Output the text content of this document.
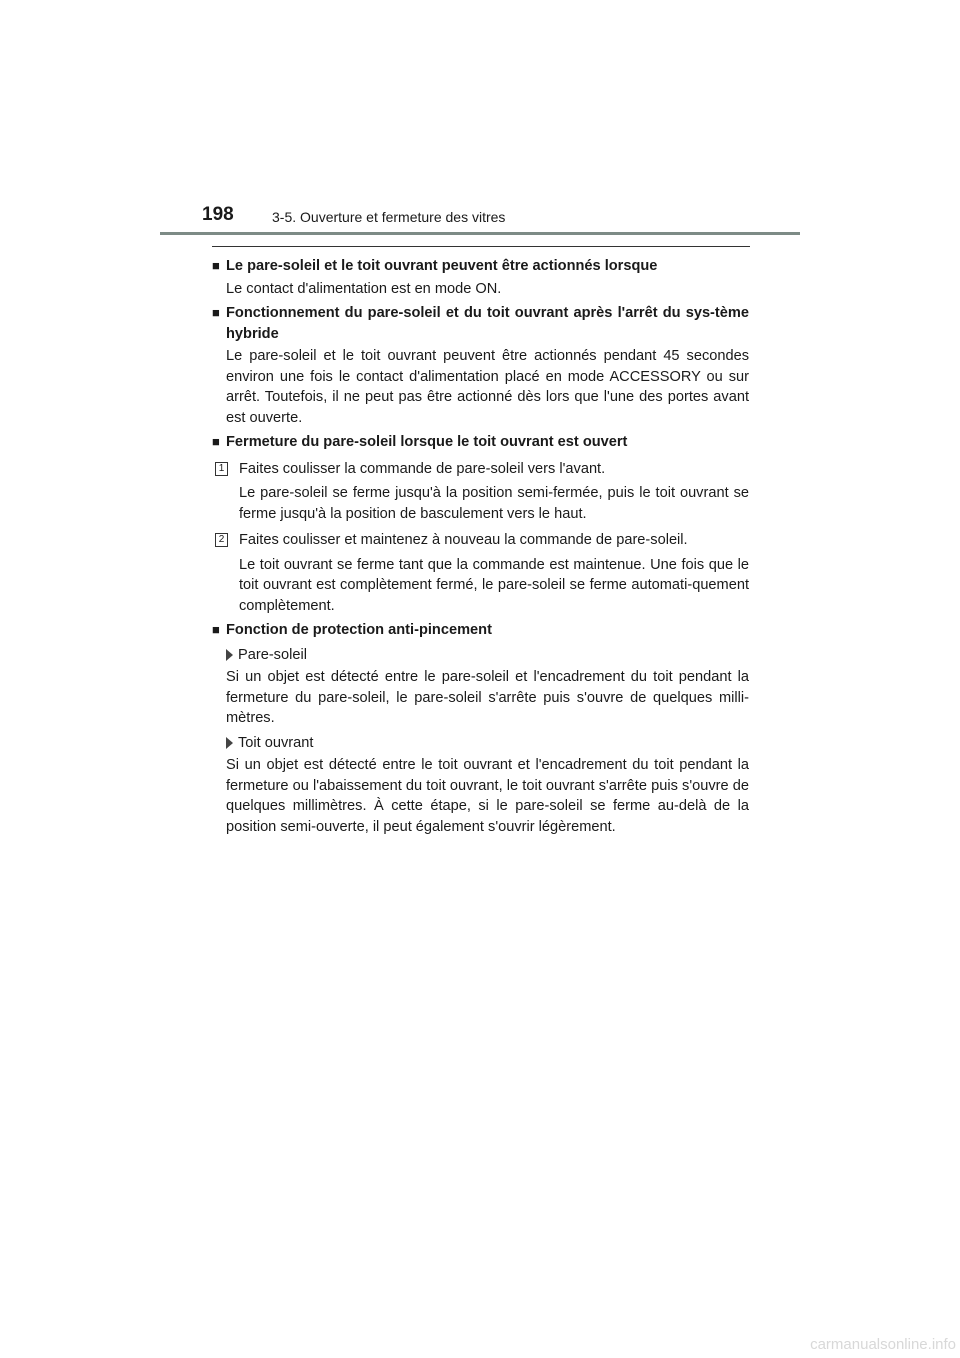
198	3-5. Ouverture et fermeture des vitres
■ Le pare-soleil et le toit ouvrant peuvent être actionnés lorsque
Le contact d'alimentation est en mode ON.
■ Fonctionnement du pare-soleil et du toit ouvrant après l'arrêt du sys-tème hybride
Le pare-soleil et le toit ouvrant peuvent être actionnés pendant 45 secondes environ une fois le contact d'alimentation placé en mode ACCESSORY ou sur arrêt. Toutefois, il ne peut pas être actionné dès lors que l'une des portes avant est ouverte.
■ Fermeture du pare-soleil lorsque le toit ouvrant est ouvert
1 Faites coulisser la commande de pare-soleil vers l'avant.
Le pare-soleil se ferme jusqu'à la position semi-fermée, puis le toit ouvrant se ferme jusqu'à la position de basculement vers le haut.
2 Faites coulisser et maintenez à nouveau la commande de pare-soleil.
Le toit ouvrant se ferme tant que la commande est maintenue. Une fois que le toit ouvrant est complètement fermé, le pare-soleil se ferme automati-quement complètement.
■ Fonction de protection anti-pincement
Pare-soleil
Si un objet est détecté entre le pare-soleil et l'encadrement du toit pendant la fermeture du pare-soleil, le pare-soleil s'arrête puis s'ouvre de quelques milli-mètres.
Toit ouvrant
Si un objet est détecté entre le toit ouvrant et l'encadrement du toit pendant la fermeture ou l'abaissement du toit ouvrant, le toit ouvrant s'arrête puis s'ouvre de quelques millimètres. À cette étape, si le pare-soleil se ferme au-delà de la position semi-ouverte, il peut également s'ouvrir légèrement.
carmanualsonline.info
